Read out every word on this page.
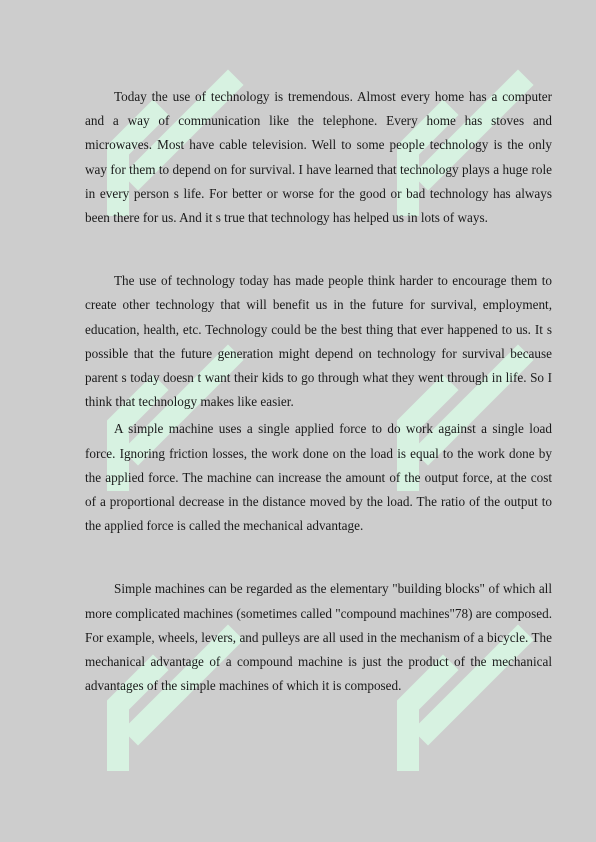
Today the use of technology is tremendous. Almost every home has a computer and a way of communication like the telephone. Every home has stoves and microwaves. Most have cable television. Well to some people technology is the only way for them to depend on for survival. I have learned that technology plays a huge role in every person s life. For better or worse for the good or bad technology has always been there for us. And it s true that technology has helped us in lots of ways.

The use of technology today has made people think harder to encourage them to create other technology that will benefit us in the future for survival, employment, education, health, etc. Technology could be the best thing that ever happened to us. It s possible that the future generation might depend on technology for survival because parent s today doesn t want their kids to go through what they went through in life. So I think that technology makes like easier.

A simple machine uses a single applied force to do work against a single load force. Ignoring friction losses, the work done on the load is equal to the work done by the applied force. The machine can increase the amount of the output force, at the cost of a proportional decrease in the distance moved by the load. The ratio of the output to the applied force is called the mechanical advantage.

Simple machines can be regarded as the elementary "building blocks" of which all more complicated machines (sometimes called "compound machines"78) are composed. For example, wheels, levers, and pulleys are all used in the mechanism of a bicycle. The mechanical advantage of a compound machine is just the product of the mechanical advantages of the simple machines of which it is composed.
